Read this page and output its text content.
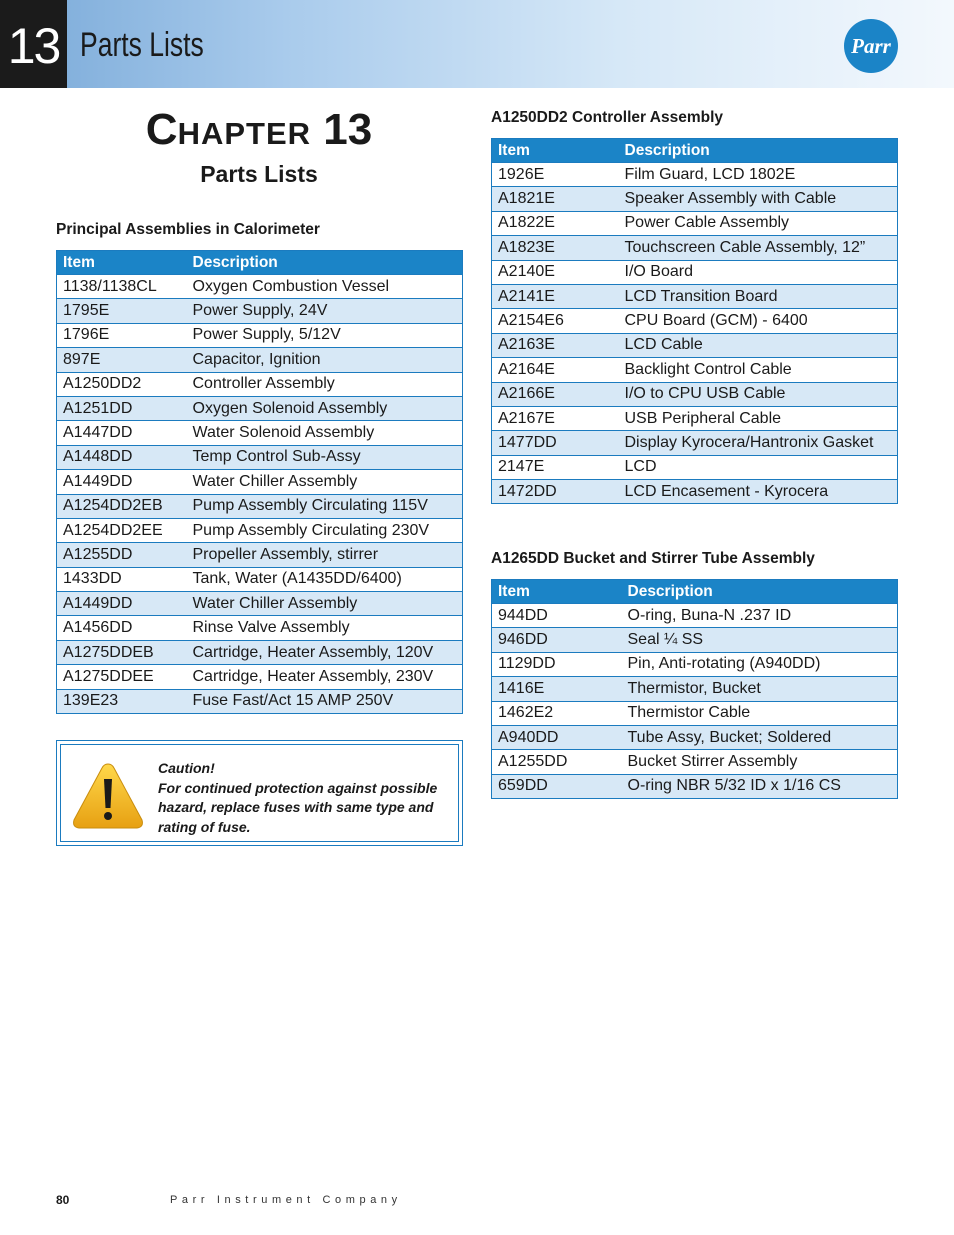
13 Parts Lists	Parr
CHAPTER 13
Parts Lists
Principal Assemblies in Calorimeter
Item	Description
1138/1138CL	Oxygen Combustion Vessel
1795E	Power Supply, 24V
1796E	Power Supply, 5/12V
897E	Capacitor, Ignition
A1250DD2	Controller Assembly
A1251DD	Oxygen Solenoid Assembly
A1447DD	Water Solenoid Assembly
A1448DD	Temp Control Sub-Assy
A1449DD	Water Chiller Assembly
A1254DD2EB	Pump Assembly Circulating 115V
A1254DD2EE	Pump Assembly Circulating 230V
A1255DD	Propeller Assembly, stirrer
1433DD	Tank, Water (A1435DD/6400)
A1449DD	Water Chiller Assembly
A1456DD	Rinse Valve Assembly
A1275DDEB	Cartridge, Heater Assembly, 120V
A1275DDEE	Cartridge, Heater Assembly, 230V
139E23	Fuse Fast/Act 15 AMP 250V
Caution!
For continued protection against possible
hazard, replace fuses with same type and
rating of fuse.
A1250DD2 Controller Assembly
Item	Description
1926E	Film Guard, LCD 1802E
A1821E	Speaker Assembly with Cable
A1822E	Power Cable Assembly
A1823E	Touchscreen Cable Assembly, 12”
A2140E	I/O Board
A2141E	LCD Transition Board
A2154E6	CPU Board (GCM) - 6400
A2163E	LCD Cable
A2164E	Backlight Control Cable
A2166E	I/O to CPU USB Cable
A2167E	USB Peripheral Cable
1477DD	Display Kyrocera/Hantronix Gasket
2147E	LCD
1472DD	LCD Encasement - Kyrocera
A1265DD Bucket and Stirrer Tube Assembly
Item	Description
944DD	O-ring, Buna-N .237 ID
946DD	Seal ¼ SS
1129DD	Pin, Anti-rotating (A940DD)
1416E	Thermistor, Bucket
1462E2	Thermistor Cable
A940DD	Tube Assy, Bucket; Soldered
A1255DD	Bucket Stirrer Assembly
659DD	O-ring NBR 5/32 ID x 1/16 CS
80	Parr Instrument Company
